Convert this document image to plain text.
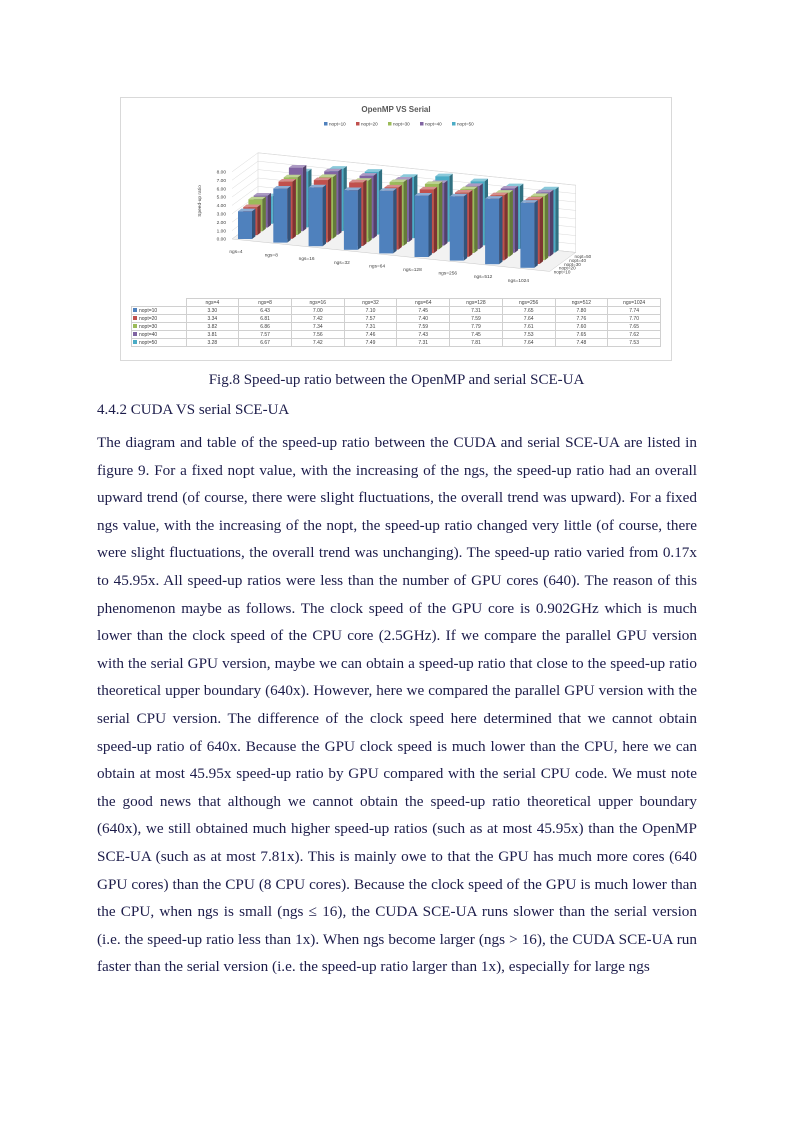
OpenMP VS Serial
nopt=10	nopt=20	nopt=30	nopt=40	nopt=50
0.00
1.00
2.00
3.00
4.00
5.00
6.00
7.00
8.00
Speed-up ratio
ngs=4
ngs=8
ngs=16
ngs=32
ngs=64
ngs=128
ngs=256
ngs=512
ngs=1024
nopt=10
nopt=20
nopt=30
nopt=40
nopt=50
	ngs=4	ngs=8	ngs=16	ngs=32	ngs=64	ngs=128	ngs=256	ngs=512	ngs=1024
nopt=10	3.30	6.43	7.00	7.10	7.45	7.31	7.65	7.80	7.74
nopt=20	3.34	6.81	7.42	7.57	7.40	7.59	7.64	7.76	7.70
nopt=30	3.82	6.86	7.34	7.31	7.59	7.79	7.61	7.60	7.65
nopt=40	3.81	7.57	7.56	7.46	7.43	7.45	7.53	7.65	7.62
nopt=50	3.28	6.67	7.42	7.49	7.31	7.81	7.64	7.48	7.53
Fig.8 Speed-up ratio between the OpenMP and serial SCE-UA
4.4.2 CUDA VS serial SCE-UA

The diagram and table of the speed-up ratio between the CUDA and serial SCE-UA are listed in figure 9. For a fixed nopt value, with the increasing of the ngs, the speed-up ratio had an overall upward trend (of course, there were slight fluctuations, the overall trend was upward). For a fixed ngs value, with the increasing of the nopt, the speed-up ratio changed very little (of course, there were slight fluctuations, the overall trend was unchanging). The speed-up ratio varied from 0.17x to 45.95x. All speed-up ratios were less than the number of GPU cores (640). The reason of this phenomenon maybe as follows. The clock speed of the GPU core is 0.902GHz which is much lower than the clock speed of the CPU core (2.5GHz). If we compare the parallel GPU version with the serial GPU version, maybe we can obtain a speed-up ratio that close to the speed-up ratio theoretical upper boundary (640x). However, here we compared the parallel GPU version with the serial CPU version. The difference of the clock speed here determined that we cannot obtain speed-up ratio of 640x. Because the GPU clock speed is much lower than the CPU, here we can obtain at most 45.95x speed-up ratio by GPU compared with the serial CPU code. We must note the good news that although we cannot obtain the speed-up ratio theoretical upper boundary (640x), we still obtained much higher speed-up ratios (such as at most 45.95x) than the OpenMP SCE-UA (such as at most 7.81x). This is mainly owe to that the GPU has much more cores (640 GPU cores) than the CPU (8 CPU cores). Because the clock speed of the GPU is much lower than the CPU, when ngs is small (ngs ≤ 16), the CUDA SCE-UA runs slower than the serial version (i.e. the speed-up ratio less than 1x). When ngs become larger (ngs > 16), the CUDA SCE-UA run faster than the serial version (i.e. the speed-up ratio larger than 1x), especially for large ngs
